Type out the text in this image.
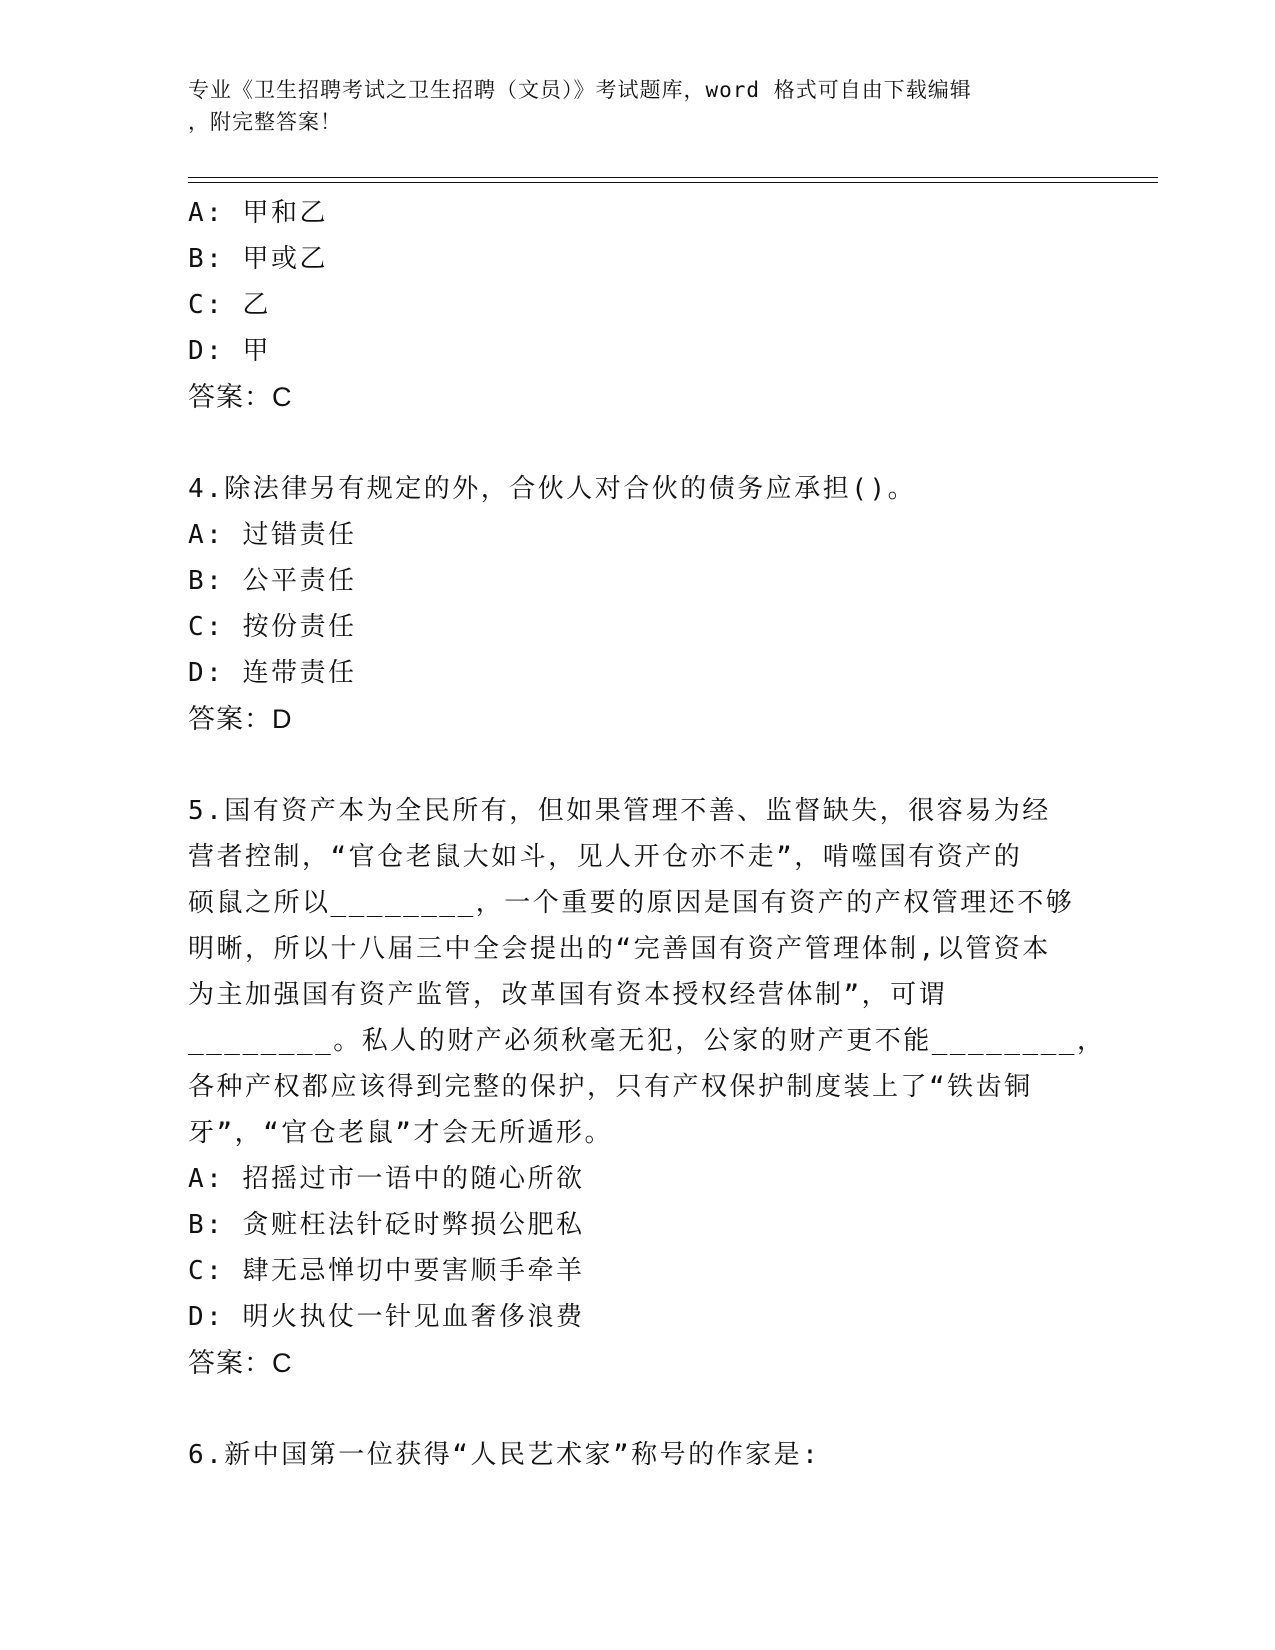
专业《卫生招聘考试之卫生招聘（文员）》考试题库，word 格式可自由下载编辑
，附完整答案！
A: 甲和乙
B: 甲或乙
C: 乙
D: 甲
答案：C
4.除法律另有规定的外，合伙人对合伙的债务应承担()。
A: 过错责任
B: 公平责任
C: 按份责任
D: 连带责任
答案：D
5.国有资产本为全民所有，但如果管理不善、监督缺失，很容易为经
营者控制，“官仓老鼠大如斗，见人开仓亦不走”，啃噬国有资产的
硕鼠之所以________，一个重要的原因是国有资产的产权管理还不够
明晰，所以十八届三中全会提出的“完善国有资产管理体制,以管资本
为主加强国有资产监管，改革国有资本授权经营体制”，可谓
________。私人的财产必须秋毫无犯，公家的财产更不能________，
各种产权都应该得到完整的保护，只有产权保护制度装上了“铁齿铜
牙”，“官仓老鼠”才会无所遁形。
A: 招摇过市一语中的随心所欲
B: 贪赃枉法针砭时弊损公肥私
C: 肆无忌惮切中要害顺手牵羊
D: 明火执仗一针见血奢侈浪费
答案：C
6.新中国第一位获得“人民艺术家”称号的作家是:
